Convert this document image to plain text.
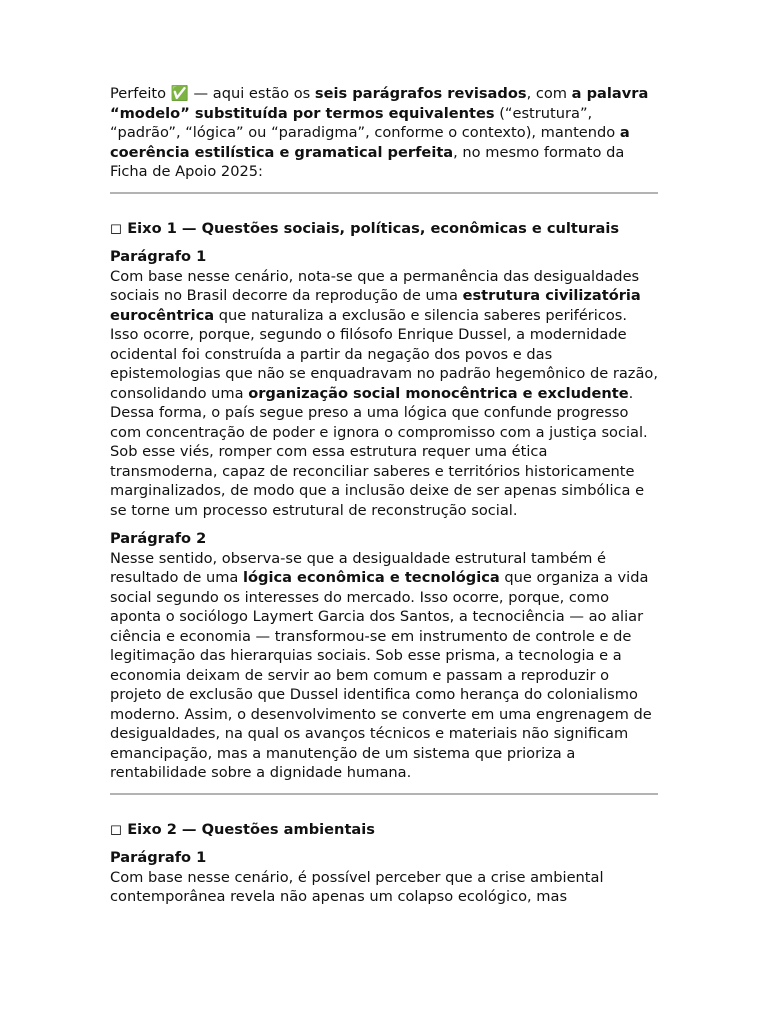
Perfeito ✅ — aqui estão os seis parágrafos revisados, com a palavra “modelo” substituída por termos equivalentes (“estrutura”, “padrão”, “lógica” ou “paradigma”, conforme o contexto), mantendo a coerência estilística e gramatical perfeita, no mesmo formato da Ficha de Apoio 2025:

◻ Eixo 1 — Questões sociais, políticas, econômicas e culturais

Parágrafo 1

Com base nesse cenário, nota-se que a permanência das desigualdades sociais no Brasil decorre da reprodução de uma estrutura civilizatória eurocêntrica que naturaliza a exclusão e silencia saberes periféricos. Isso ocorre, porque, segundo o filósofo Enrique Dussel, a modernidade ocidental foi construída a partir da negação dos povos e das epistemologias que não se enquadravam no padrão hegemônico de razão, consolidando uma organização social monocêntrica e excludente. Dessa forma, o país segue preso a uma lógica que confunde progresso com concentração de poder e ignora o compromisso com a justiça social. Sob esse viés, romper com essa estrutura requer uma ética transmoderna, capaz de reconciliar saberes e territórios historicamente marginalizados, de modo que a inclusão deixe de ser apenas simbólica e se torne um processo estrutural de reconstrução social.

Parágrafo 2

Nesse sentido, observa-se que a desigualdade estrutural também é resultado de uma lógica econômica e tecnológica que organiza a vida social segundo os interesses do mercado. Isso ocorre, porque, como aponta o sociólogo Laymert Garcia dos Santos, a tecnociência — ao aliar ciência e economia — transformou-se em instrumento de controle e de legitimação das hierarquias sociais. Sob esse prisma, a tecnologia e a economia deixam de servir ao bem comum e passam a reproduzir o projeto de exclusão que Dussel identifica como herança do colonialismo moderno. Assim, o desenvolvimento se converte em uma engrenagem de desigualdades, na qual os avanços técnicos e materiais não significam emancipação, mas a manutenção de um sistema que prioriza a rentabilidade sobre a dignidade humana.

◻ Eixo 2 — Questões ambientais

Parágrafo 1

Com base nesse cenário, é possível perceber que a crise ambiental contemporânea revela não apenas um colapso ecológico, mas
